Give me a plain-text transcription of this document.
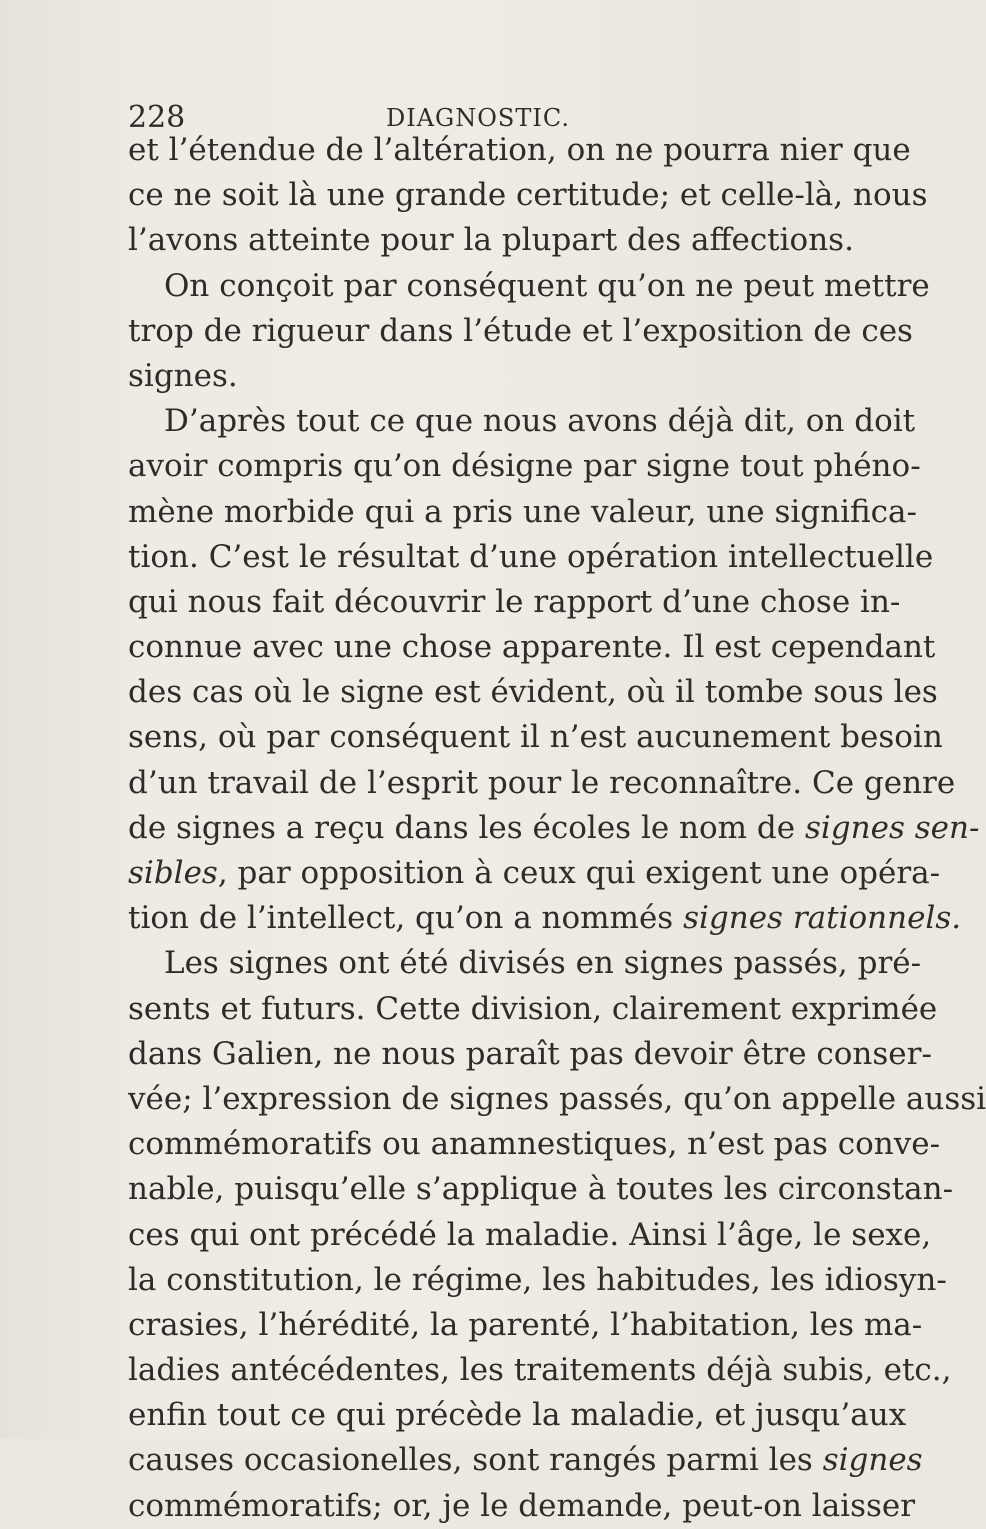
228	DIAGNOSTIC.
et l’étendue de l’altération, on ne pourra nier que
ce ne soit là une grande certitude; et celle-là, nous
l’avons atteinte pour la plupart des affections.
On conçoit par conséquent qu’on ne peut mettre
trop de rigueur dans l’étude et l’exposition de ces
signes.
D’après tout ce que nous avons déjà dit, on doit
avoir compris qu’on désigne par signe tout phéno-
mène morbide qui a pris une valeur, une significa-
tion. C’est le résultat d’une opération intellectuelle
qui nous fait découvrir le rapport d’une chose in-
connue avec une chose apparente. Il est cependant
des cas où le signe est évident, où il tombe sous les
sens, où par conséquent il n’est aucunement besoin
d’un travail de l’esprit pour le reconnaître. Ce genre
de signes a reçu dans les écoles le nom de signes sen-
sibles, par opposition à ceux qui exigent une opéra-
tion de l’intellect, qu’on a nommés signes rationnels.
Les signes ont été divisés en signes passés, pré-
sents et futurs. Cette division, clairement exprimée
dans Galien, ne nous paraît pas devoir être conser-
vée; l’expression de signes passés, qu’on appelle aussi
commémoratifs ou anamnestiques, n’est pas conve-
nable, puisqu’elle s’applique à toutes les circonstan-
ces qui ont précédé la maladie. Ainsi l’âge, le sexe,
la constitution, le régime, les habitudes, les idiosyn-
crasies, l’hérédité, la parenté, l’habitation, les ma-
ladies antécédentes, les traitements déjà subis, etc.,
enfin tout ce qui précède la maladie, et jusqu’aux
causes occasionelles, sont rangés parmi les signes
commémoratifs; or, je le demande, peut-on laisser
